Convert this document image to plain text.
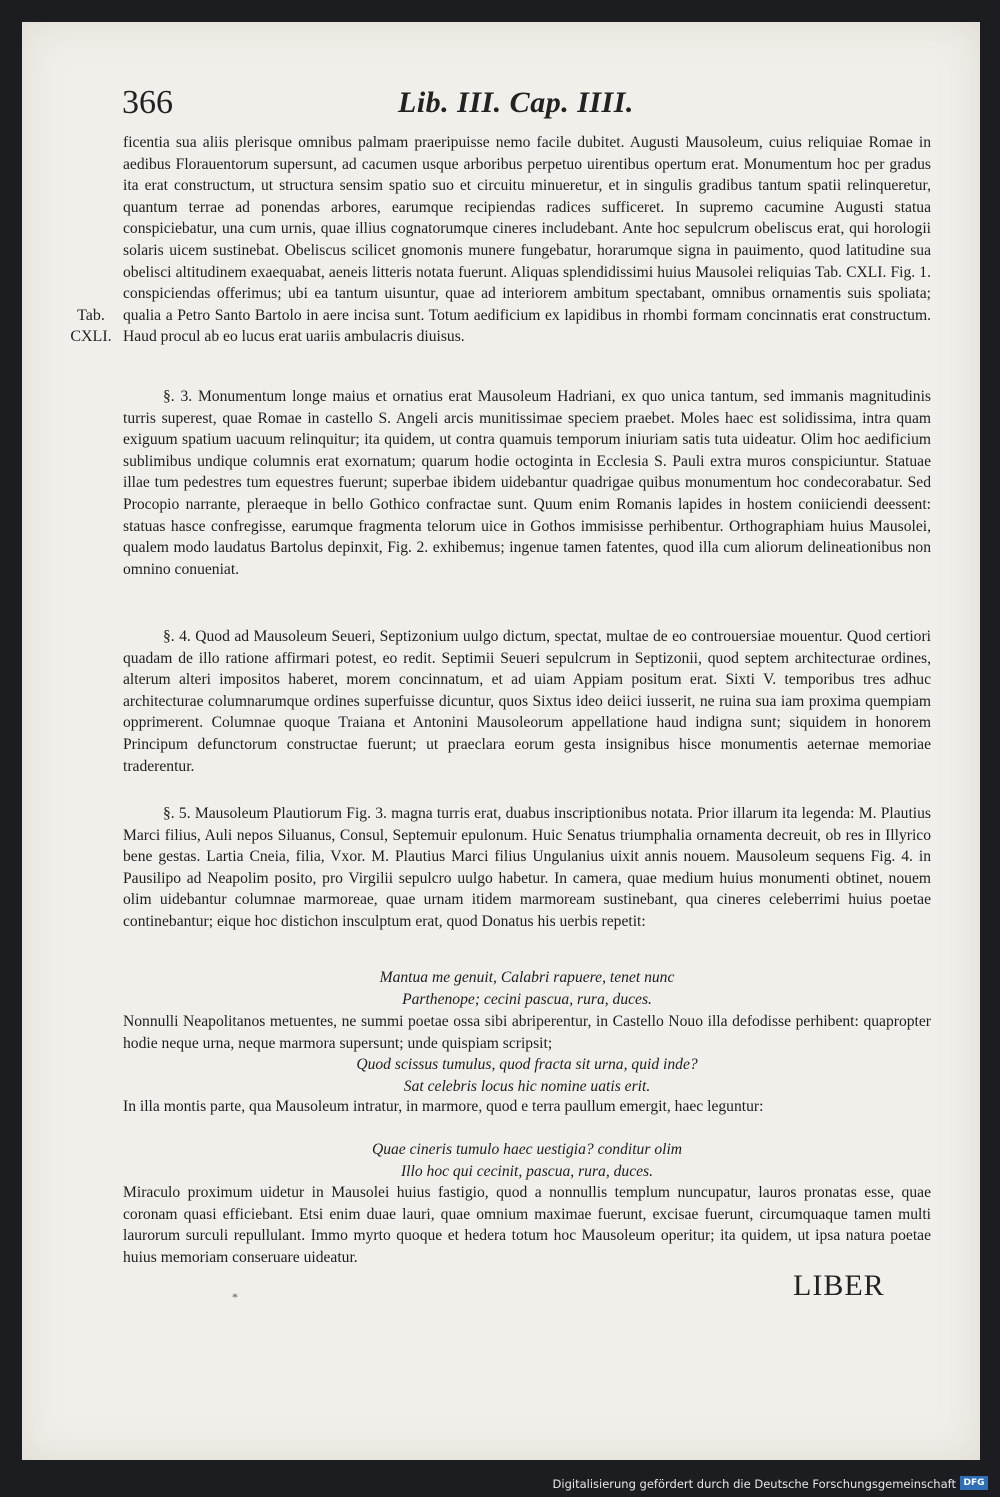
366	Lib. III. Cap. IIII.
Tab.
CXLI.

ficentia sua aliis plerisque omnibus palmam praeripuisse nemo facile dubitet. Augusti Mausoleum, cuius reliquiae Romae in aedibus Florauentorum supersunt, ad cacumen usque arboribus perpetuo uirentibus opertum erat. Monumentum hoc per gradus ita erat constructum, ut structura sensim spatio suo et circuitu minueretur, et in singulis gradibus tantum spatii relinqueretur, quantum terrae ad ponendas arbores, earumque recipiendas radices sufficeret. In supremo cacumine Augusti statua conspiciebatur, una cum urnis, quae illius cognatorumque cineres includebant. Ante hoc sepulcrum obeliscus erat, qui horologii solaris uicem sustinebat. Obeliscus scilicet gnomonis munere fungebatur, horarumque signa in pauimento, quod latitudine sua obelisci altitudinem exaequabat, aeneis litteris notata fuerunt. Aliquas splendidissimi huius Mausolei reliquias Tab. CXLI. Fig. 1. conspiciendas offerimus; ubi ea tantum uisuntur, quae ad interiorem ambitum spectabant, omnibus ornamentis suis spoliata; qualia a Petro Santo Bartolo in aere incisa sunt. Totum aedificium ex lapidibus in rhombi formam concinnatis erat constructum. Haud procul ab eo lucus erat uariis ambulacris diuisus.

§. 3. Monumentum longe maius et ornatius erat Mausoleum Hadriani, ex quo unica tantum, sed immanis magnitudinis turris superest, quae Romae in castello S. Angeli arcis munitissimae speciem praebet. Moles haec est solidissima, intra quam exiguum spatium uacuum relinquitur; ita quidem, ut contra quamuis temporum iniuriam satis tuta uideatur. Olim hoc aedificium sublimibus undique columnis erat exornatum; quarum hodie octoginta in Ecclesia S. Pauli extra muros conspiciuntur. Statuae illae tum pedestres tum equestres fuerunt; superbae ibidem uidebantur quadrigae quibus monumentum hoc condecorabatur. Sed Procopio narrante, pleraeque in bello Gothico confractae sunt. Quum enim Romanis lapides in hostem coniiciendi deessent: statuas hasce confregisse, earumque fragmenta telorum uice in Gothos immisisse perhibentur. Orthographiam huius Mausolei, qualem modo laudatus Bartolus depinxit, Fig. 2. exhibemus; ingenue tamen fatentes, quod illa cum aliorum delineationibus non omnino conueniat.

§. 4. Quod ad Mausoleum Seueri, Septizonium uulgo dictum, spectat, multae de eo controuersiae mouentur. Quod certiori quadam de illo ratione affirmari potest, eo redit. Septimii Seueri sepulcrum in Septizonii, quod septem architecturae ordines, alterum alteri impositos haberet, morem concinnatum, et ad uiam Appiam positum erat. Sixti V. temporibus tres adhuc architecturae columnarumque ordines superfuisse dicuntur, quos Sixtus ideo deiici iusserit, ne ruina sua iam proxima quempiam opprimerent. Columnae quoque Traiana et Antonini Mausoleorum appellatione haud indigna sunt; siquidem in honorem Principum defunctorum constructae fuerunt; ut praeclara eorum gesta insignibus hisce monumentis aeternae memoriae traderentur.

§. 5. Mausoleum Plautiorum Fig. 3. magna turris erat, duabus inscriptionibus notata. Prior illarum ita legenda: M. Plautius Marci filius, Auli nepos Siluanus, Consul, Septemuir epulonum. Huic Senatus triumphalia ornamenta decreuit, ob res in Illyrico bene gestas. Lartia Cneia, filia, Vxor. M. Plautius Marci filius Ungulanius uixit annis nouem. Mausoleum sequens Fig. 4. in Pausilipo ad Neapolim posito, pro Virgilii sepulcro uulgo habetur. In camera, quae medium huius monumenti obtinet, nouem olim uidebantur columnae marmoreae, quae urnam itidem marmoream sustinebant, qua cineres celeberrimi huius poetae continebantur; eique hoc distichon insculptum erat, quod Donatus his uerbis repetit:

Mantua me genuit, Calabri rapuere, tenet nunc
Parthenope; cecini pascua, rura, duces.

Nonnulli Neapolitanos metuentes, ne summi poetae ossa sibi abriperentur, in Castello Nouo illa defodisse perhibent: quapropter hodie neque urna, neque marmora supersunt; unde quispiam scripsit;

Quod scissus tumulus, quod fracta sit urna, quid inde?
Sat celebris locus hic nomine uatis erit.

In illa montis parte, qua Mausoleum intratur, in marmore, quod e terra paullum emergit, haec leguntur:

Quae cineris tumulo haec uestigia? conditur olim
Illo hoc qui cecinit, pascua, rura, duces.

Miraculo proximum uidetur in Mausolei huius fastigio, quod a nonnullis templum nuncupatur, lauros pronatas esse, quae coronam quasi efficiebant. Etsi enim duae lauri, quae omnium maximae fuerunt, excisae fuerunt, circumquaque tamen multi laurorum surculi repullulant. Immo myrto quoque et hedera totum hoc Mausoleum operitur; ita quidem, ut ipsa natura poetae huius memoriam conseruare uideatur.

*	LIBER
Digitalisierung gefördert durch die Deutsche Forschungsgemeinschaft DFG
